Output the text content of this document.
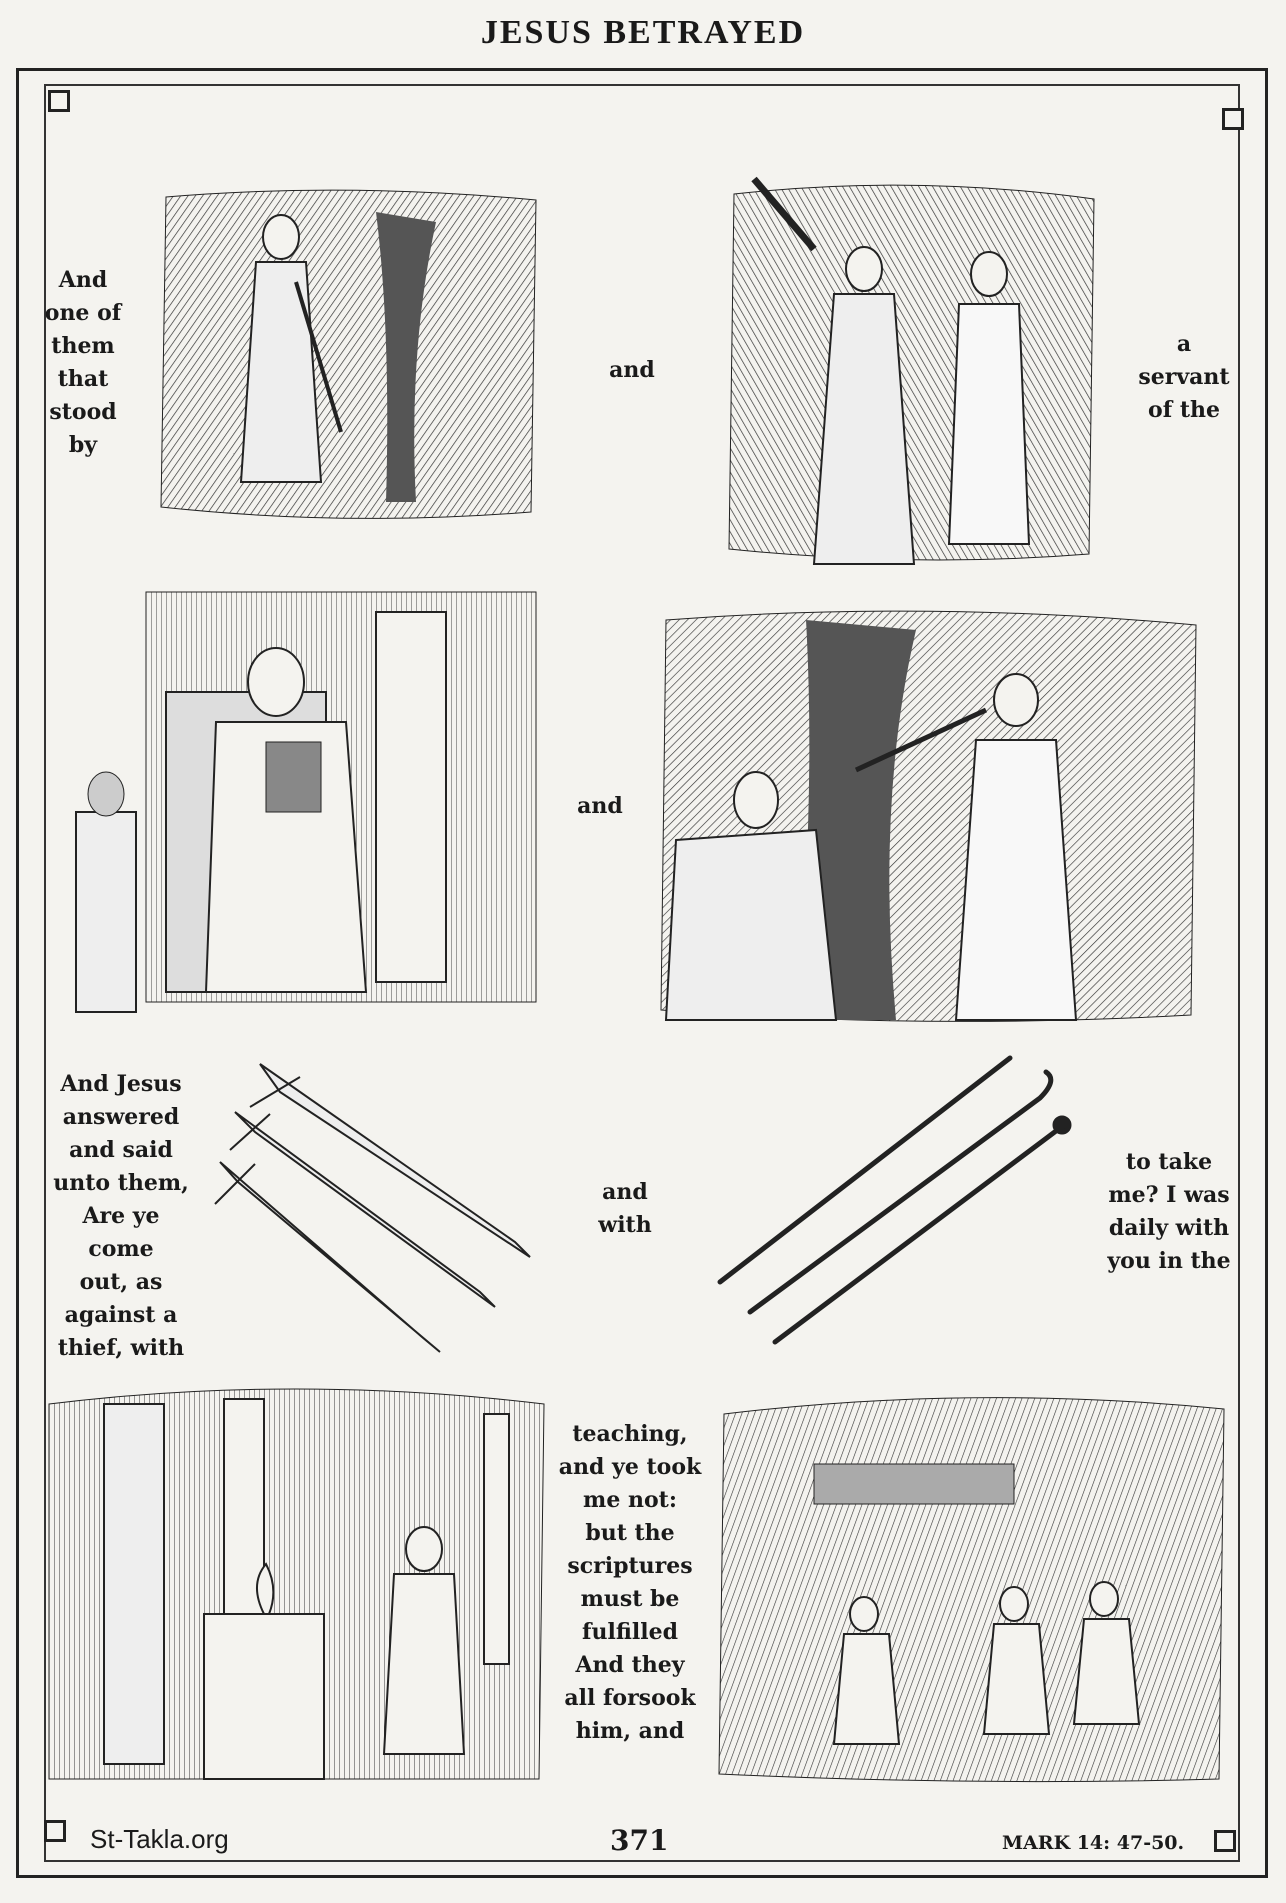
JESUS BETRAYED
And
one of
them
that
stood
by
and
a
servant
of the
and
And Jesus
answered
and said
unto them,
Are ye come
out, as
against a
thief, with
and
with
to take
me? I was
daily with
you in the
teaching,
and ye took
me not:
but the
scriptures
must be
fulfilled
And they
all forsook
him, and
St-Takla.org	371	MARK 14: 47-50.
